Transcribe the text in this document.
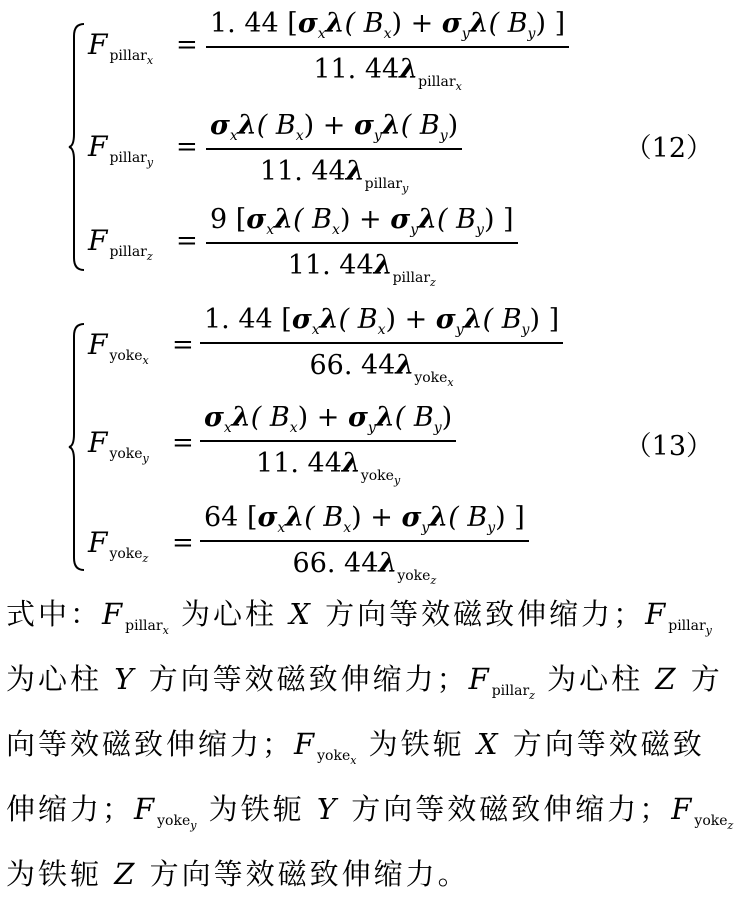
F $_{pillar_x}$
=
1. 44 [$\sigma_x\lambda$( $B_x) + \sigma_y\lambda$( $B_y$) ]
11. $44\lambda_{pillar_x}$
F $_{pillar_y}$
=
$\sigma_x\lambda$( $B_x) + \sigma_y\lambda$( $B_y$)
11. $44\lambda_{pillar_y}$
F $_{pillar_z}$
=
9 [$\sigma_x\lambda$( $B_x) + \sigma_y\lambda$( $B_y$) ]
11. $44\lambda_{pillar_z}$
（12）
F $_{yoke_x}$
=
1. 44 [$\sigma_x\lambda$( $B_x) + \sigma_y\lambda$( $B_y$) ]
66. $44\lambda_{yoke_x}$
F $_{yoke_y}$
=
$\sigma_x\lambda$( $B_x) + \sigma_y\lambda$( $B_y$)
11. $44\lambda_{yoke_y}$
F $_{yoke_z}$
=
64 [$\sigma_x\lambda$( $B_x) + \sigma_y\lambda$( $B_y$) ]
66. $44\lambda_{yoke_z}$
（13）
式中：$F_{pillar_x}$ 为心柱 X 方向等效磁致伸缩力；$F_{pillar_y}$ 为心柱 Y 方向等效磁致伸缩力；$F_{pillar_z}$ 为心柱 Z 方向等效磁致伸缩力；$F_{yoke_x}$ 为铁轭 X 方向等效磁致伸缩力；$F_{yoke_y}$ 为铁轭 Y 方向等效磁致伸缩力；$F_{yoke_z}$ 为铁轭 Z 方向等效磁致伸缩力。
